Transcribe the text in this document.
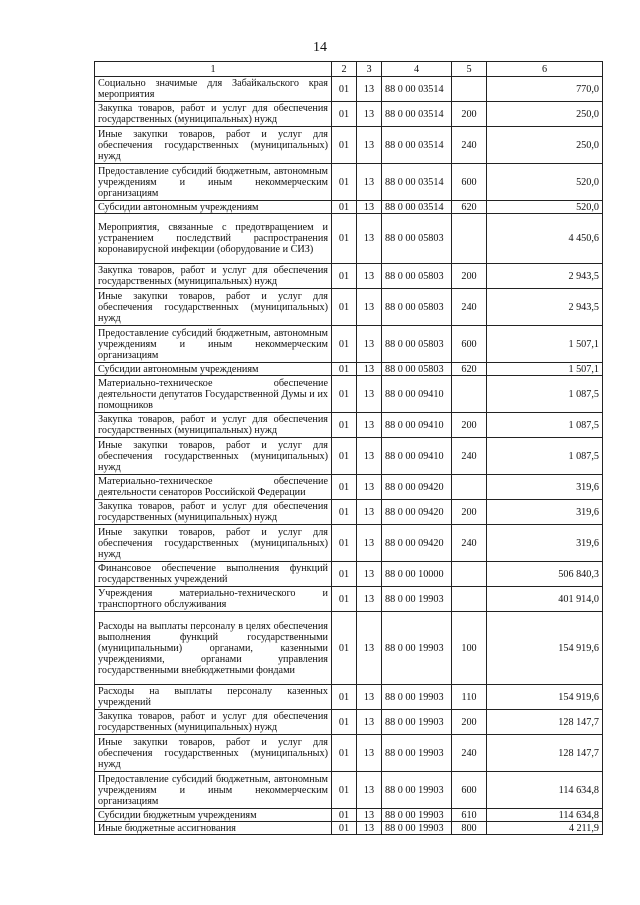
14
1	2	3	4	5	6
Социально значимые для Забайкальского края мероприятия	01	13	88 0 00 03514		770,0
Закупка товаров, работ и услуг для обеспечения государственных (муниципальных) нужд	01	13	88 0 00 03514	200	250,0
Иные закупки товаров, работ и услуг для обеспечения государственных (муниципальных) нужд	01	13	88 0 00 03514	240	250,0
Предоставление субсидий бюджетным, автономным учреждениям и иным некоммерческим организациям	01	13	88 0 00 03514	600	520,0
Субсидии автономным учреждениям	01	13	88 0 00 03514	620	520,0
Мероприятия, связанные с предотвращением и устранением последствий распространения коронавирусной инфекции (оборудование и СИЗ)	01	13	88 0 00 05803		4 450,6
Закупка товаров, работ и услуг для обеспечения государственных (муниципальных) нужд	01	13	88 0 00 05803	200	2 943,5
Иные закупки товаров, работ и услуг для обеспечения государственных (муниципальных) нужд	01	13	88 0 00 05803	240	2 943,5
Предоставление субсидий бюджетным, автономным учреждениям и иным некоммерческим организациям	01	13	88 0 00 05803	600	1 507,1
Субсидии автономным учреждениям	01	13	88 0 00 05803	620	1 507,1
Материально-техническое обеспечение деятельности депутатов Государственной Думы и их помощников	01	13	88 0 00 09410		1 087,5
Закупка товаров, работ и услуг для обеспечения государственных (муниципальных) нужд	01	13	88 0 00 09410	200	1 087,5
Иные закупки товаров, работ и услуг для обеспечения государственных (муниципальных) нужд	01	13	88 0 00 09410	240	1 087,5
Материально-техническое обеспечение деятельности сенаторов Российской Федерации	01	13	88 0 00 09420		319,6
Закупка товаров, работ и услуг для обеспечения государственных (муниципальных) нужд	01	13	88 0 00 09420	200	319,6
Иные закупки товаров, работ и услуг для обеспечения государственных (муниципальных) нужд	01	13	88 0 00 09420	240	319,6
Финансовое обеспечение выполнения функций государственных учреждений	01	13	88 0 00 10000		506 840,3
Учреждения материально-технического и транспортного обслуживания	01	13	88 0 00 19903		401 914,0
Расходы на выплаты персоналу в целях обеспечения выполнения функций государственными (муниципальными) органами, казенными учреждениями, органами управления государственными внебюджетными фондами	01	13	88 0 00 19903	100	154 919,6
Расходы на выплаты персоналу казенных учреждений	01	13	88 0 00 19903	110	154 919,6
Закупка товаров, работ и услуг для обеспечения государственных (муниципальных) нужд	01	13	88 0 00 19903	200	128 147,7
Иные закупки товаров, работ и услуг для обеспечения государственных (муниципальных) нужд	01	13	88 0 00 19903	240	128 147,7
Предоставление субсидий бюджетным, автономным учреждениям и иным некоммерческим организациям	01	13	88 0 00 19903	600	114 634,8
Субсидии бюджетным учреждениям	01	13	88 0 00 19903	610	114 634,8
Иные бюджетные ассигнования	01	13	88 0 00 19903	800	4 211,9
